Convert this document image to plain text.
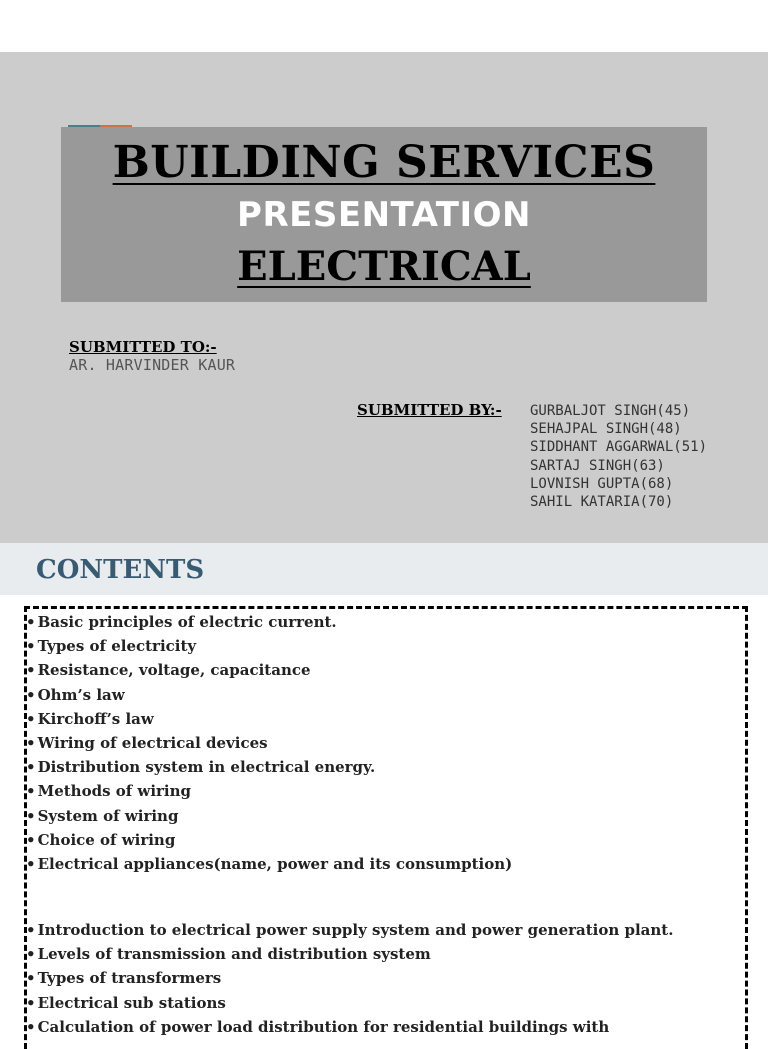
BUILDING SERVICES
PRESENTATION
ELECTRICAL
SUBMITTED TO:-
AR. HARVINDER KAUR
SUBMITTED BY:- GURBALJOT SINGH(45)
SEHAJPAL SINGH(48)
SIDDHANT AGGARWAL(51)
SARTAJ SINGH(63)
LOVNISH GUPTA(68)
SAHIL KATARIA(70)
CONTENTS
• Basic principles of electric current.
• Types of electricity
• Resistance, voltage, capacitance
• Ohm’s law
• Kirchoff’s law
• Wiring of electrical devices
• Distribution system in electrical energy.
• Methods of wiring
• System of wiring
• Choice of wiring
• Electrical appliances(name, power and its consumption)
• Introduction to electrical power supply system and power generation plant.
• Levels of transmission and distribution system
• Types of transformers
• Electrical sub stations
• Calculation of power load distribution for residential buildings with
